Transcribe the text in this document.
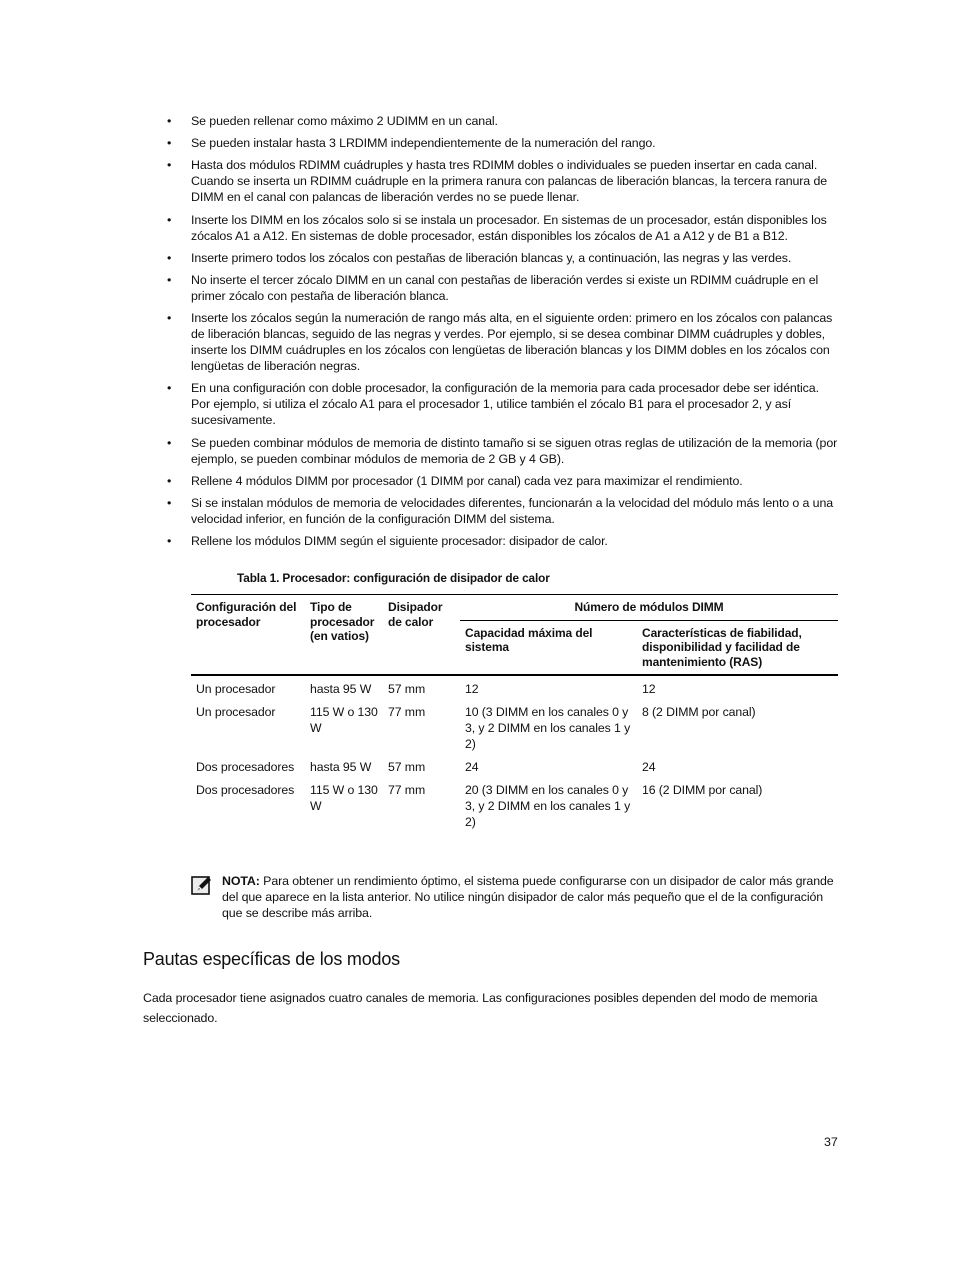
• Se pueden rellenar como máximo 2 UDIMM en un canal.
• Se pueden instalar hasta 3 LRDIMM independientemente de la numeración del rango.
• Hasta dos módulos RDIMM cuádruples y hasta tres RDIMM dobles o individuales se pueden insertar en cada canal. Cuando se inserta un RDIMM cuádruple en la primera ranura con palancas de liberación blancas, la tercera ranura de DIMM en el canal con palancas de liberación verdes no se puede llenar.
• Inserte los DIMM en los zócalos solo si se instala un procesador. En sistemas de un procesador, están disponibles los zócalos A1 a A12. En sistemas de doble procesador, están disponibles los zócalos de A1 a A12 y de B1 a B12.
• Inserte primero todos los zócalos con pestañas de liberación blancas y, a continuación, las negras y las verdes.
• No inserte el tercer zócalo DIMM en un canal con pestañas de liberación verdes si existe un RDIMM cuádruple en el primer zócalo con pestaña de liberación blanca.
• Inserte los zócalos según la numeración de rango más alta, en el siguiente orden: primero en los zócalos con palancas de liberación blancas, seguido de las negras y verdes. Por ejemplo, si se desea combinar DIMM cuádruples y dobles, inserte los DIMM cuádruples en los zócalos con lengüetas de liberación blancas y los DIMM dobles en los zócalos con lengüetas de liberación negras.
• En una configuración con doble procesador, la configuración de la memoria para cada procesador debe ser idéntica. Por ejemplo, si utiliza el zócalo A1 para el procesador 1, utilice también el zócalo B1 para el procesador 2, y así sucesivamente.
• Se pueden combinar módulos de memoria de distinto tamaño si se siguen otras reglas de utilización de la memoria (por ejemplo, se pueden combinar módulos de memoria de 2 GB y 4 GB).
• Rellene 4 módulos DIMM por procesador (1 DIMM por canal) cada vez para maximizar el rendimiento.
• Si se instalan módulos de memoria de velocidades diferentes, funcionarán a la velocidad del módulo más lento o a una velocidad inferior, en función de la configuración DIMM del sistema.
• Rellene los módulos DIMM según el siguiente procesador: disipador de calor.
Tabla 1. Procesador: configuración de disipador de calor
Configuración del procesador	Tipo de procesador (en vatios)	Disipador de calor	Número de módulos DIMM	
			Capacidad máxima del sistema	Características de fiabilidad, disponibilidad y facilidad de mantenimiento (RAS)
Un procesador	hasta 95 W	57 mm	12	12
Un procesador	115 W o 130 W	77 mm	10 (3 DIMM en los canales 0 y 3, y 2 DIMM en los canales 1 y 2)	8 (2 DIMM por canal)
Dos procesadores	hasta 95 W	57 mm	24	24
Dos procesadores	115 W o 130 W	77 mm	20 (3 DIMM en los canales 0 y 3, y 2 DIMM en los canales 1 y 2)	16 (2 DIMM por canal)
NOTA: Para obtener un rendimiento óptimo, el sistema puede configurarse con un disipador de calor más grande del que aparece en la lista anterior. No utilice ningún disipador de calor más pequeño que el de la configuración que se describe más arriba.
Pautas específicas de los modos

Cada procesador tiene asignados cuatro canales de memoria. Las configuraciones posibles dependen del modo de memoria seleccionado.

37
